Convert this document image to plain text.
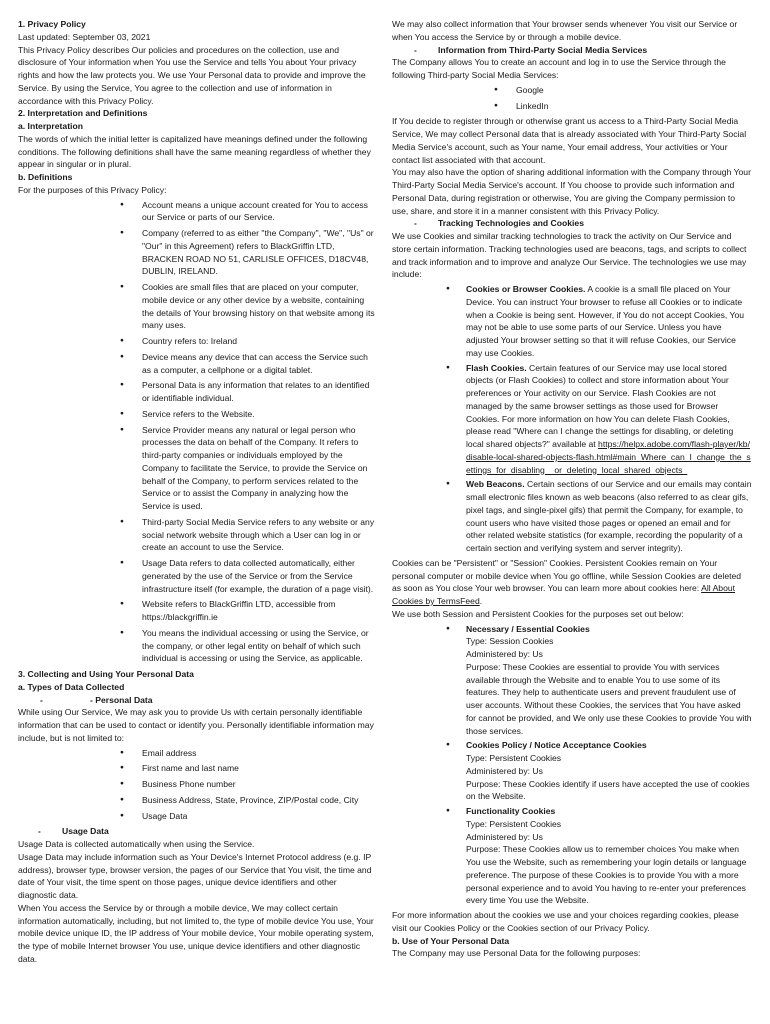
1. Privacy Policy

Last updated: September 03, 2021

This Privacy Policy describes Our policies and procedures on the collection, use and disclosure of Your information when You use the Service and tells You about Your privacy rights and how the law protects you. We use Your Personal data to provide and improve the Service. By using the Service, You agree to the collection and use of information in accordance with this Privacy Policy.

2. Interpretation and Definitions

a. Interpretation

The words of which the initial letter is capitalized have meanings defined under the following conditions. The following definitions shall have the same meaning regardless of whether they appear in singular or in plural.

b. Definitions

For the purposes of this Privacy Policy:

● Account means a unique account created for You to access our Service or parts of our Service.
● Company (referred to as either "the Company", "We", "Us" or "Our" in this Agreement) refers to BlackGriffin LTD, BRACKEN ROAD NO 51, CARLISLE OFFICES, D18CV48, DUBLIN, IRELAND.
● Cookies are small files that are placed on your computer, mobile device or any other device by a website, containing the details of Your browsing history on that website among its many uses.
● Country refers to: Ireland
● Device means any device that can access the Service such as a computer, a cellphone or a digital tablet.
● Personal Data is any information that relates to an identified or identifiable individual.
● Service refers to the Website.
● Service Provider means any natural or legal person who processes the data on behalf of the Company. It refers to third-party companies or individuals employed by the Company to facilitate the Service, to provide the Service on behalf of the Company, to perform services related to the Service or to assist the Company in analyzing how the Service is used.
● Third-party Social Media Service refers to any website or any social network website through which a User can log in or create an account to use the Service.
● Usage Data refers to data collected automatically, either generated by the use of the Service or from the Service infrastructure itself (for example, the duration of a page visit).
● Website refers to BlackGriffin LTD, accessible from https://blackgriffin.ie
● You means the individual accessing or using the Service, or the company, or other legal entity on behalf of which such individual is accessing or using the Service, as applicable.

3. Collecting and Using Your Personal Data

a. Types of Data Collected

-	- Personal Data

While using Our Service, We may ask you to provide Us with certain personally identifiable information that can be used to contact or identify you. Personally identifiable information may include, but is not limited to:

● Email address
● First name and last name
● Business Phone number
● Business Address, State, Province, ZIP/Postal code, City
● Usage Data

- Usage Data

Usage Data is collected automatically when using the Service.

Usage Data may include information such as Your Device's Internet Protocol address (e.g. IP address), browser type, browser version, the pages of our Service that You visit, the time and date of Your visit, the time spent on those pages, unique device identifiers and other diagnostic data.

When You access the Service by or through a mobile device, We may collect certain information automatically, including, but not limited to, the type of mobile device You use, Your mobile device unique ID, the IP address of Your mobile device, Your mobile operating system, the type of mobile Internet browser You use, unique device identifiers and other diagnostic data.

We may also collect information that Your browser sends whenever You visit our Service or when You access the Service by or through a mobile device.

- Information from Third-Party Social Media Services

The Company allows You to create an account and log in to use the Service through the following Third-party Social Media Services:

● Google
● LinkedIn

If You decide to register through or otherwise grant us access to a Third-Party Social Media Service, We may collect Personal data that is already associated with Your Third-Party Social Media Service's account, such as Your name, Your email address, Your activities or Your contact list associated with that account.

You may also have the option of sharing additional information with the Company through Your Third-Party Social Media Service's account. If You choose to provide such information and Personal Data, during registration or otherwise, You are giving the Company permission to use, share, and store it in a manner consistent with this Privacy Policy.

- Tracking Technologies and Cookies

We use Cookies and similar tracking technologies to track the activity on Our Service and store certain information. Tracking technologies used are beacons, tags, and scripts to collect and track information and to improve and analyze Our Service. The technologies we use may include:

● Cookies or Browser Cookies. A cookie is a small file placed on Your Device. You can instruct Your browser to refuse all Cookies or to indicate when a Cookie is being sent. However, if You do not accept Cookies, You may not be able to use some parts of our Service. Unless you have adjusted Your browser setting so that it will refuse Cookies, our Service may use Cookies.
● Flash Cookies. Certain features of our Service may use local stored objects (or Flash Cookies) to collect and store information about Your preferences or Your activity on our Service. Flash Cookies are not managed by the same browser settings as those used for Browser Cookies. For more information on how You can delete Flash Cookies, please read "Where can I change the settings for disabling, or deleting local shared objects?" available at https://helpx.adobe.com/flash-player/kb/disable-local-shared-objects-flash.html#main_Where_can_I_change_the_settings_for_disabling__or_deleting_local_shared_objects_
● Web Beacons. Certain sections of our Service and our emails may contain small electronic files known as web beacons (also referred to as clear gifs, pixel tags, and single-pixel gifs) that permit the Company, for example, to count users who have visited those pages or opened an email and for other related website statistics (for example, recording the popularity of a certain section and verifying system and server integrity).

Cookies can be "Persistent" or "Session" Cookies. Persistent Cookies remain on Your personal computer or mobile device when You go offline, while Session Cookies are deleted as soon as You close Your web browser. You can learn more about cookies here: All About Cookies by TermsFeed.

We use both Session and Persistent Cookies for the purposes set out below:

● Necessary / Essential Cookies
Type: Session Cookies
Administered by: Us
Purpose: These Cookies are essential to provide You with services available through the Website and to enable You to use some of its features. They help to authenticate users and prevent fraudulent use of user accounts. Without these Cookies, the services that You have asked for cannot be provided, and We only use these Cookies to provide You with those services.
● Cookies Policy / Notice Acceptance Cookies
Type: Persistent Cookies
Administered by: Us
Purpose: These Cookies identify if users have accepted the use of cookies on the Website.
● Functionality Cookies
Type: Persistent Cookies
Administered by: Us
Purpose: These Cookies allow us to remember choices You make when You use the Website, such as remembering your login details or language preference. The purpose of these Cookies is to provide You with a more personal experience and to avoid You having to re-enter your preferences every time You use the Website.

For more information about the cookies we use and your choices regarding cookies, please visit our Cookies Policy or the Cookies section of our Privacy Policy.

b. Use of Your Personal Data

The Company may use Personal Data for the following purposes:
